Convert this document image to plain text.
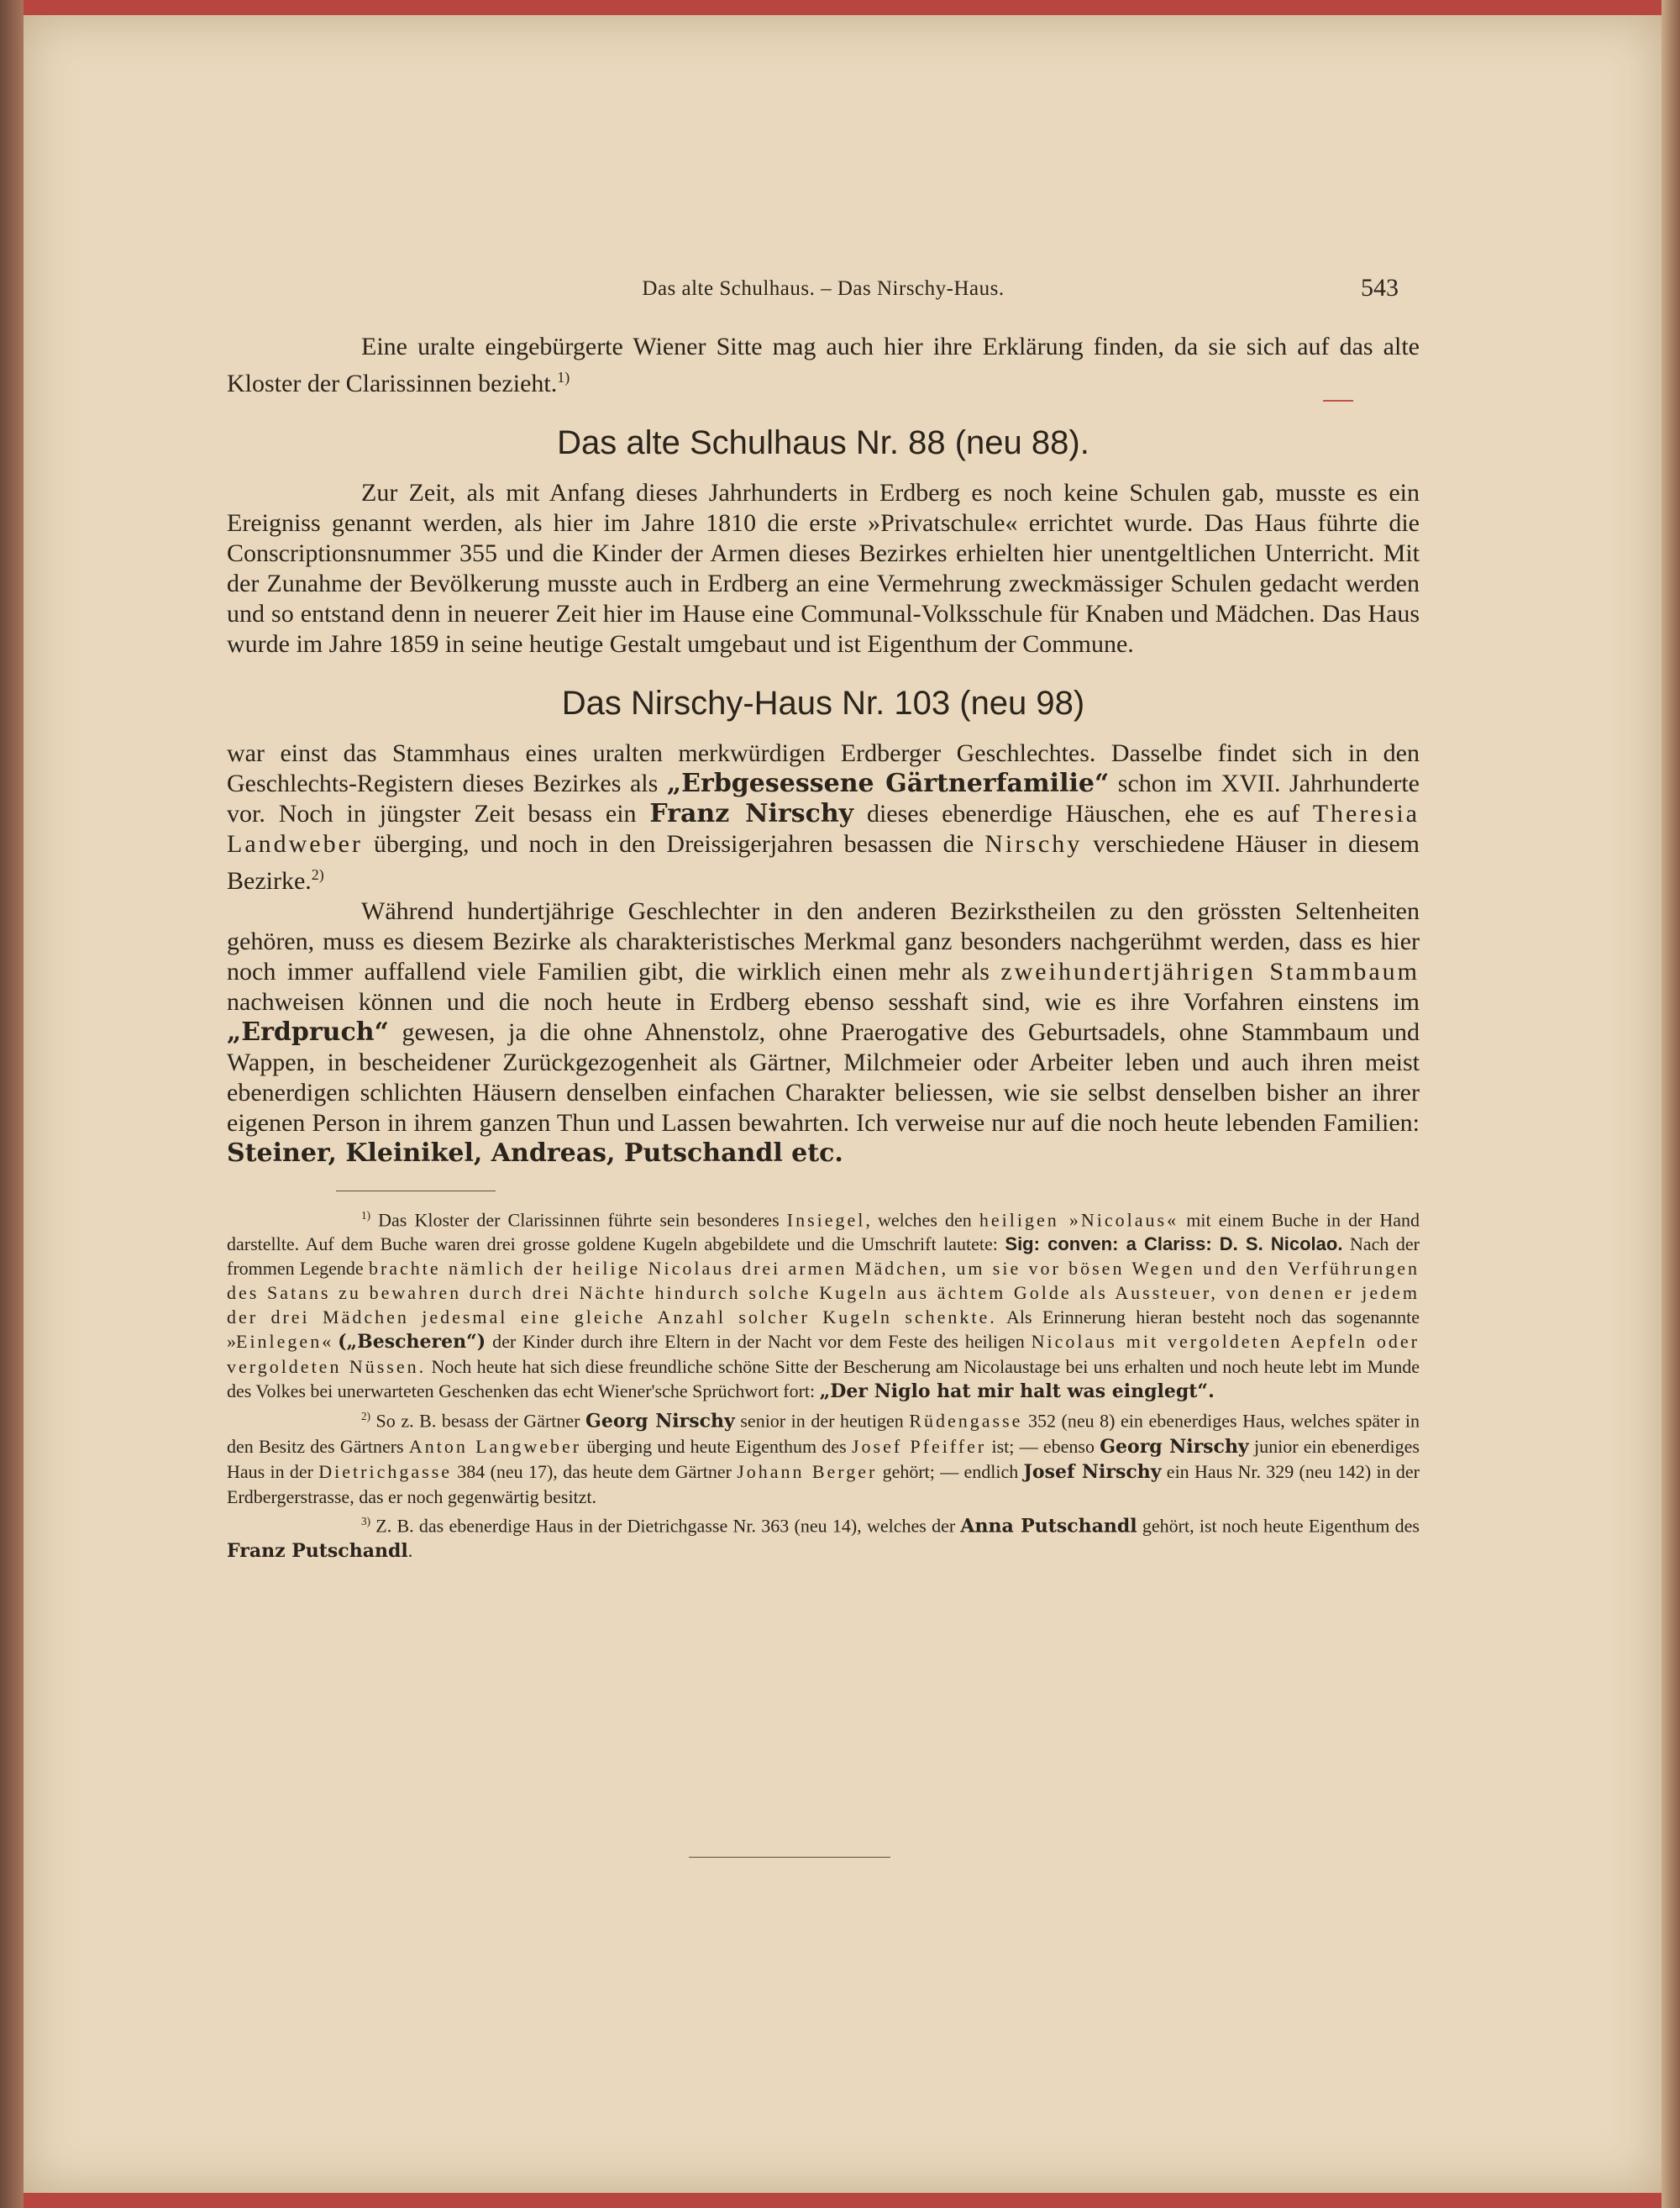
Das alte Schulhaus. – Das Nirschy-Haus.	543

Eine uralte eingebürgerte Wiener Sitte mag auch hier ihre Erklärung finden, da sie sich auf das alte Kloster der Clarissinnen bezieht.$^{1)}$

Das alte Schulhaus Nr. 88 (neu 88).

Zur Zeit, als mit Anfang dieses Jahrhunderts in Erdberg es noch keine Schulen gab, musste es ein Ereigniss genannt werden, als hier im Jahre 1810 die erste »Privatschule« errichtet wurde. Das Haus führte die Conscriptionsnummer 355 und die Kinder der Armen dieses Bezirkes erhielten hier unentgeltlichen Unterricht. Mit der Zunahme der Bevölkerung musste auch in Erdberg an eine Vermehrung zweckmässiger Schulen gedacht werden und so entstand denn in neuerer Zeit hier im Hause eine Communal-Volksschule für Knaben und Mädchen. Das Haus wurde im Jahre 1859 in seine heutige Gestalt umgebaut und ist Eigenthum der Commune.

Das Nirschy-Haus Nr. 103 (neu 98)

war einst das Stammhaus eines uralten merkwürdigen Erdberger Geschlechtes. Dasselbe findet sich in den Geschlechts-Registern dieses Bezirkes als „Erbgesessene Gärtnerfamilie“ schon im XVII. Jahrhunderte vor. Noch in jüngster Zeit besass ein Franz Nirschy dieses ebenerdige Häuschen, ehe es auf Theresia Landweber überging, und noch in den Dreissigerjahren besassen die Nirschy verschiedene Häuser in diesem Bezirke.$^{2)}$

Während hundertjährige Geschlechter in den anderen Bezirkstheilen zu den grössten Seltenheiten gehören, muss es diesem Bezirke als charakteristisches Merkmal ganz besonders nachgerühmt werden, dass es hier noch immer auffallend viele Familien gibt, die wirklich einen mehr als zweihundertjährigen Stammbaum nachweisen können und die noch heute in Erdberg ebenso sesshaft sind, wie es ihre Vorfahren einstens im „Erdpruch“ gewesen, ja die ohne Ahnenstolz, ohne Praerogative des Geburtsadels, ohne Stammbaum und Wappen, in bescheidener Zurückgezogenheit als Gärtner, Milchmeier oder Arbeiter leben und auch ihren meist ebenerdigen schlichten Häusern denselben einfachen Charakter beliessen, wie sie selbst denselben bisher an ihrer eigenen Person in ihrem ganzen Thun und Lassen bewahrten. Ich verweise nur auf die noch heute lebenden Familien: Steiner, Kleinikel, Andreas, Putschandl etc.

$^{1)}$ Das Kloster der Clarissinnen führte sein besonderes Insiegel, welches den heiligen »Nicolaus« mit einem Buche in der Hand darstellte. Auf dem Buche waren drei grosse goldene Kugeln abgebildete und die Umschrift lautete: Sig: conven: a Clariss: D. S. Nicolao. Nach der frommen Legende brachte nämlich der heilige Nicolaus drei armen Mädchen, um sie vor bösen Wegen und den Verführungen des Satans zu bewahren durch drei Nächte hindurch solche Kugeln aus ächtem Golde als Aussteuer, von denen er jedem der drei Mädchen jedesmal eine gleiche Anzahl solcher Kugeln schenkte. Als Erinnerung hieran besteht noch das sogenannte »Einlegen« („Bescheren“) der Kinder durch ihre Eltern in der Nacht vor dem Feste des heiligen Nicolaus mit vergoldeten Aepfeln oder vergoldeten Nüssen. Noch heute hat sich diese freundliche schöne Sitte der Bescherung am Nicolaustage bei uns erhalten und noch heute lebt im Munde des Volkes bei unerwarteten Geschenken das echt Wiener'sche Sprüchwort fort: „Der Niglo hat mir halt was einglegt“.

$^{2)}$ So z. B. besass der Gärtner Georg Nirschy senior in der heutigen Rüdengasse 352 (neu 8) ein ebenerdiges Haus, welches später in den Besitz des Gärtners Anton Langweber überging und heute Eigenthum des Josef Pfeiffer ist; — ebenso Georg Nirschy junior ein ebenerdiges Haus in der Dietrichgasse 384 (neu 17), das heute dem Gärtner Johann Berger gehört; — endlich Josef Nirschy ein Haus Nr. 329 (neu 142) in der Erdbergerstrasse, das er noch gegenwärtig besitzt.

$^{3)}$ Z. B. das ebenerdige Haus in der Dietrichgasse Nr. 363 (neu 14), welches der Anna Putschandl gehört, ist noch heute Eigenthum des Franz Putschandl.
